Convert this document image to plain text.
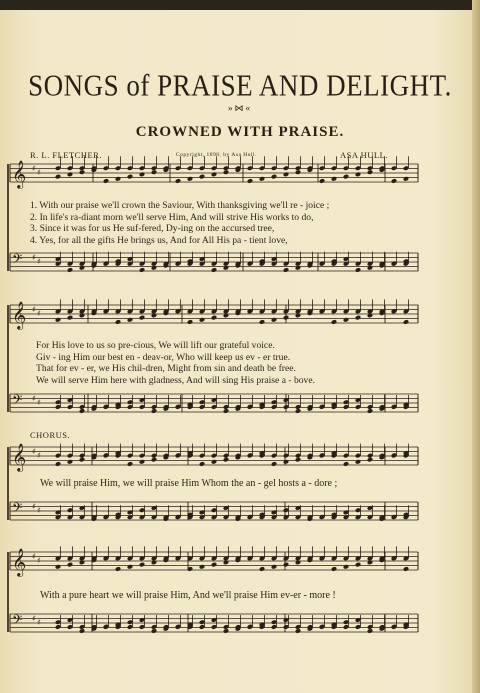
SONGS of PRAISE AND DELIGHT.
»⋈«
CROWNED WITH PRAISE.
R. L. FLETCHER.	Copyright, 1898, by Asa Hull.	ASA HULL.
𝄞 ♯ ♯
𝄢 ♯ ♯
𝄞 ♯ ♯
𝄢 ♯ ♯
𝄞 ♯ ♯
𝄢 ♯ ♯
𝄞 ♯ ♯
𝄢 ♯ ♯
1. With our praise we'll crown the Saviour, With thanksgiving we'll re - joice ;
2. In life's ra-diant morn we'll serve Him, And will strive His works to do,
3. Since it was for us He suf-fered, Dy-ing on the accursed tree,
4. Yes, for all the gifts He brings us, And for All His pa - tient love,
For His love to us so pre-cious, We will lift our grateful voice.
Giv - ing Him our best en - deav-or, Who will keep us ev - er true.
That for ev - er, we His chil-dren, Might from sin and death be free.
We will serve Him here with gladness, And will sing His praise a - bove.
CHORUS.
We will praise Him, we will praise Him Whom the an - gel hosts a - dore ;
With a pure heart we will praise Him, And we'll praise Him ev-er - more !
